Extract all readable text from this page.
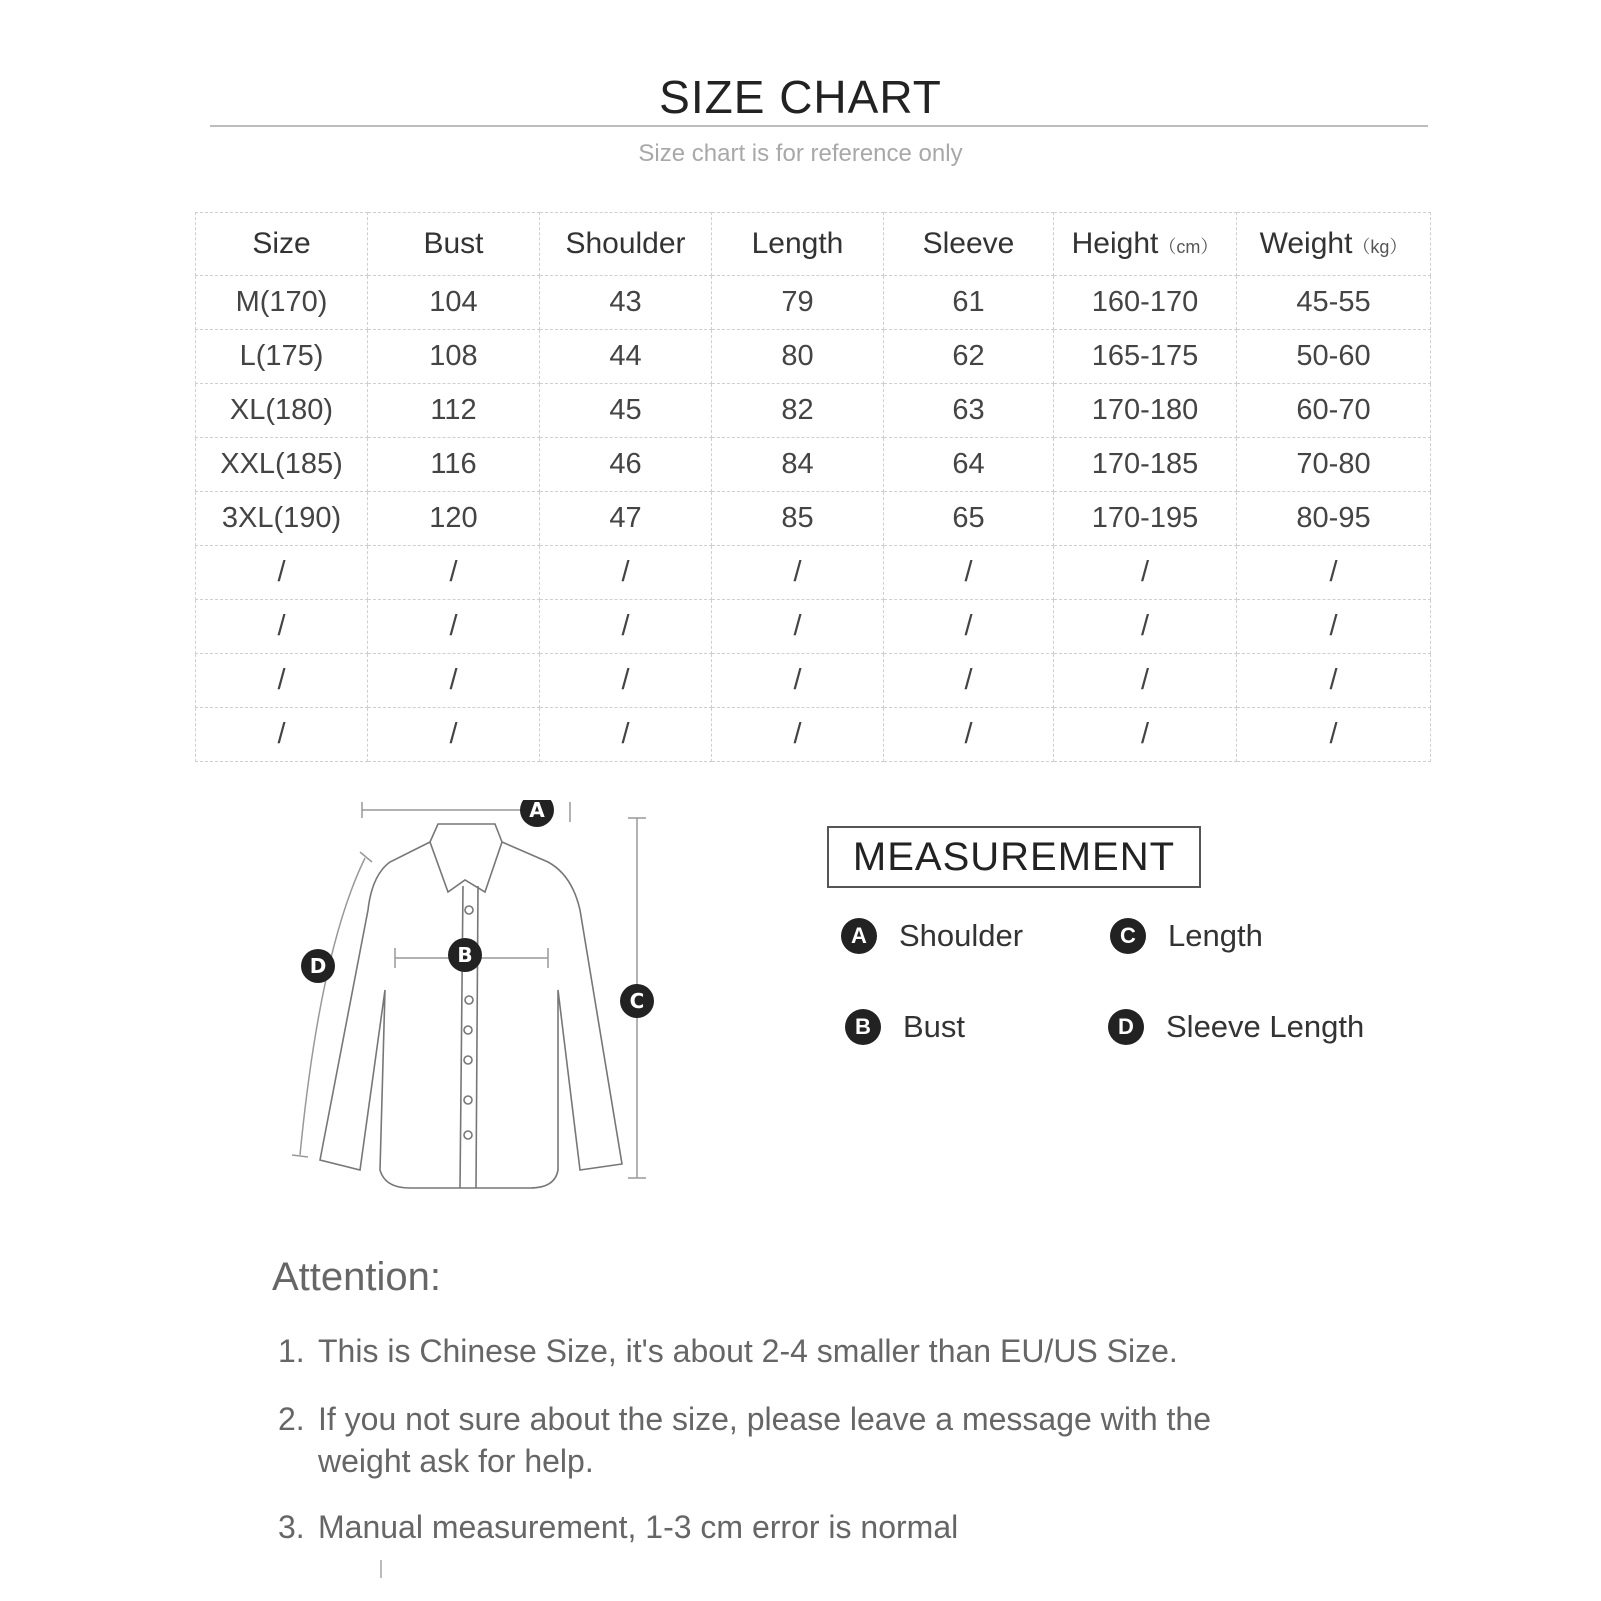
SIZE CHART
Size chart is for reference only
Size	Bust	Shoulder	Length	Sleeve	Height（cm）	Weight（kg）
M(170)	104	43	79	61	160-170	45-55
L(175)	108	44	80	62	165-175	50-60
XL(180)	112	45	82	63	170-180	60-70
XXL(185)	116	46	84	64	170-185	70-80
3XL(190)	120	47	85	65	170-195	80-95
/	/	/	/	/	/	/
/	/	/	/	/	/	/
/	/	/	/	/	/	/
/	/	/	/	/	/	/
A
B
C
D
MEASUREMENT
A	Shoulder	C	Length
B	Bust	D	Sleeve Length
Attention:
1. This is Chinese Size, it's about 2-4 smaller than EU/US Size.
2. If you not sure about the size, please leave a message with the
weight ask for help.
3. Manual measurement, 1-3 cm error is normal
